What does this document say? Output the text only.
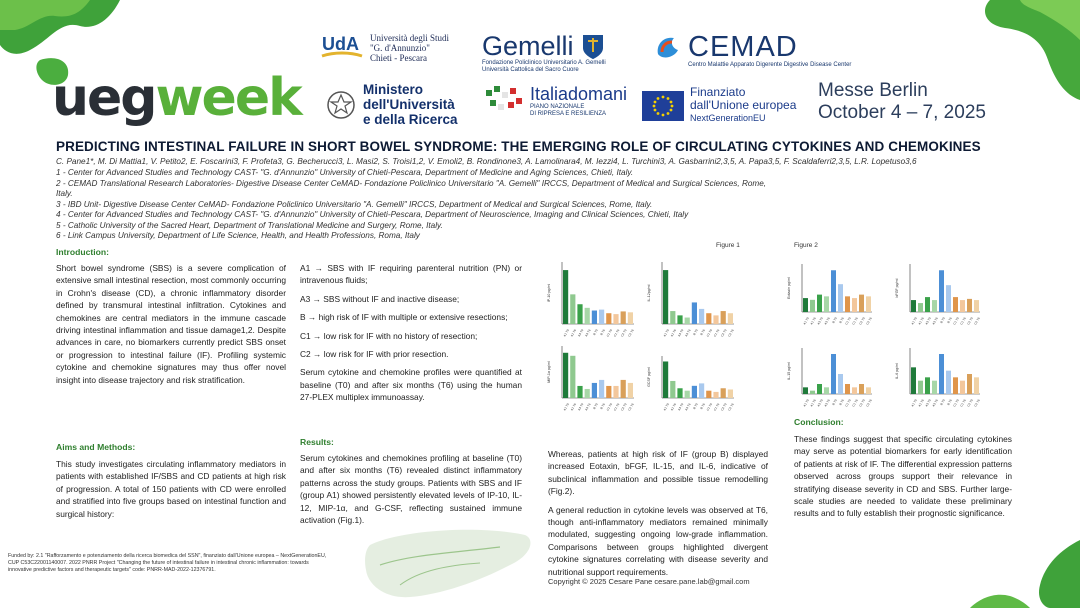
uegweek
UdA Università degli Studi
"G. d'Annunzio"
Chieti - Pescara
Ministero
dell'Università
e della Ricerca
Gemelli
Fondazione Policlinico Universitario A. Gemelli
Università Cattolica del Sacro Cuore
CEMAD
Centro Malattie Apparato Digerente Digestive Disease Center
Italiadomani
PIANO NAZIONALE
DI RIPRESA E RESILIENZA
Finanziato
dall'Unione europea
NextGenerationEU
Messe Berlin
October 4 – 7, 2025
PREDICTING INTESTINAL FAILURE IN SHORT BOWEL SYNDROME: THE EMERGING ROLE OF CIRCULATING CYTOKINES AND CHEMOKINES
C. Pane1*, M. Di Mattia1, V. Petito2, E. Foscarini3, F. Profeta3, G. Becherucci3, L. Masi2, S. Troisi1,2, V. Emoli2, B. Rondinone3, A. Lamolinara4, M. Iezzi4, L. Turchini3, A. Gasbarrini2,3,5, A. Papa3,5, F. Scaldaferri2,3,5, L.R. Lopetuso3,6
1 - Center for Advanced Studies and Technology CAST- "G. d'Annunzio" University of Chieti-Pescara, Department of Medicine and Aging Sciences, Chieti, Italy.
2 - CEMAD Translational Research Laboratories- Digestive Disease Center CeMAD- Fondazione Policlinico Universitario "A. Gemelli" IRCCS, Department of Medical and Surgical Sciences, Rome,
Italy.
3 - IBD Unit- Digestive Disease Center CeMAD- Fondazione Policlinico Universitario "A. Gemelli" IRCCS, Department of Medical and Surgical Sciences, Rome, Italy.
4 - Center for Advanced Studies and Technology CAST- "G. d'Annunzio" University of Chieti-Pescara, Department of Neuroscience, Imaging and Clinical Sciences, Chieti, Italy
5 - Catholic University of the Sacred Heart, Department of Translational Medicine and Surgery, Rome, Italy.
6 - Link Campus University, Department of Life Science, Health, and Health Professions, Roma, Italy
Introduction:
Short bowel syndrome (SBS) is a severe complication of extensive small intestinal resection, most commonly occurring in Crohn's disease (CD), a chronic inflammatory disorder defined by transmural intestinal infiltration. Cytokines and chemokines are central mediators in the immune cascade driving intestinal inflammation and tissue damage1,2. Despite advances in care, no biomarkers currently predict SBS onset or progression to intestinal failure (IF). Profiling systemic cytokine and chemokine signatures may thus offer novel insight into disease trajectory and risk stratification.
Aims and Methods:
This study investigates circulating inflammatory mediators in patients with established IF/SBS and CD patients at high risk of progression. A total of 150 patients with CD were enrolled and stratified into five groups based on intestinal function and surgical history:

A1 → SBS with IF requiring parenteral nutrition (PN) or intravenous fluids;

A3 → SBS without IF and inactive disease;

B → high risk of IF with multiple or extensive resections;

C1 → low risk for IF with no history of resection;

C2 → low risk for IF with prior resection.

Serum cytokine and chemokine profiles were quantified at baseline (T0) and after six months (T6) using the human 27-PLEX multiplex immunoassay.

Results:
Serum cytokines and chemokines profiling at baseline (T0) and after six months (T6) revealed distinct inflammatory patterns across the study groups. Patients with SBS and IF (group A1) showed persistently elevated levels of IP-10, IL-12, MIP-1α, and G-CSF, reflecting sustained immune activation (Fig.1).
Figure 1	Figure 2
IP-10 pg/ml
A1 T0 A1 T6 A3 T0 A3 T6 B T0 B T6 C1 T0 C1 T6 C2 T0 C2 T6
IL-12pg/ml
A1 T0 A1 T6 A3 T0 A3 T6 B T0 B T6 C1 T0 C1 T6 C2 T0 C2 T6
MIP-1α pg/ml
A1 T0 A1 T6 A3 T0 A3 T6 B T0 B T6 C1 T0 C1 T6 C2 T0 C2 T6
GCSF pg/ml
A1 T0 A1 T6 A3 T0 A3 T6 B T0 B T6 C1 T0 C1 T6 C2 T0 C2 T6
Eotaxin pg/ml
A1 T0 A1 T6 A3 T0 A3 T6 B T0 B T6 C1 T0 C1 T6 C2 T0 C2 T6
bFGF pg/ml
A1 T0 A1 T6 A3 T0 A3 T6 B T0 B T6 C1 T0 C1 T6 C2 T0 C2 T6
IL-15 pg/ml
A1 T0 A1 T6 A3 T0 A3 T6 B T0 B T6 C1 T0 C1 T6 C2 T0 C2 T6
IL-6 pg/ml
A1 T0 A1 T6 A3 T0 A3 T6 B T0 B T6 C1 T0 C1 T6 C2 T0 C2 T6

Whereas, patients at high risk of IF (group B) displayed increased Eotaxin, bFGF, IL-15, and IL-6, indicative of subclinical inflammation and possible tissue remodelling (Fig.2).

A general reduction in cytokine levels was observed at T6, though anti-inflammatory mediators remained minimally modulated, suggesting ongoing low-grade inflammation. Comparisons between groups highlighted divergent cytokine signatures correlating with disease severity and nutritional support requirements.

Copyright © 2025 Cesare Pane cesare.pane.lab@gmail.com
Conclusion:
These findings suggest that specific circulating cytokines may serve as potential biomarkers for early identification of patients at risk of IF. The differential expression patterns observed across groups support their relevance in stratifying disease severity in CD and SBS. Further large-scale studies are needed to validate these preliminary results and to fully establish their prognostic significance.
Funded by: 2.1 "Rafforzamento e potenziamento della ricerca biomedica del SSN", finanziato dall'Unione europea – NextGenerationEU, CUP C53C22001140007. 2022 PNRR Project "Changing the future of intestinal failure in intestinal chronic inflammation: towards innovative predictive factors and therapeutic targets" code: PNRR-MAD-2022-12376791.
